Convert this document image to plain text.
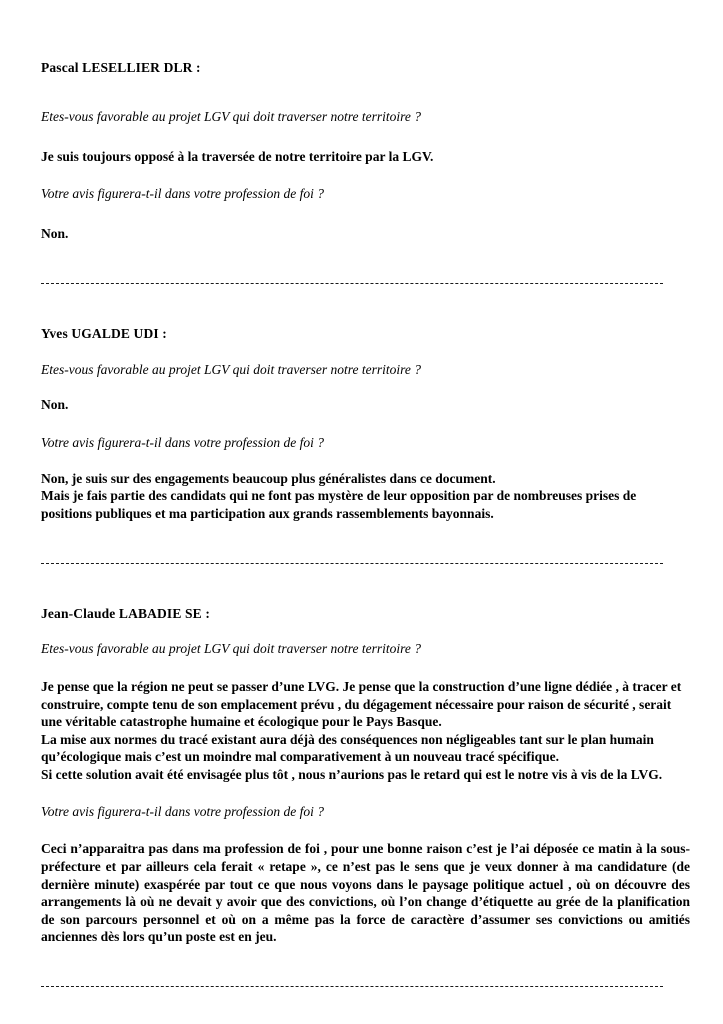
Pascal LESELLIER DLR :

Etes-vous favorable au projet LGV qui doit traverser notre territoire ?

Je suis toujours opposé à la traversée de notre territoire par la LGV.

Votre avis figurera-t-il dans votre profession de foi ?

Non.

Yves UGALDE UDI :

Etes-vous favorable au projet LGV qui doit traverser notre territoire ?

Non.

Votre avis figurera-t-il dans votre profession de foi ?

Non, je suis sur des engagements beaucoup plus généralistes dans ce document.
Mais je fais partie des candidats qui ne font pas mystère de leur opposition par de nombreuses prises de positions publiques et ma participation aux grands rassemblements bayonnais.

Jean-Claude LABADIE SE :

Etes-vous favorable au projet LGV qui doit traverser notre territoire ?

Je pense que la région ne peut se passer d’une LVG. Je pense que la construction d’une ligne dédiée , à tracer et construire, compte tenu de son emplacement prévu , du dégagement nécessaire pour raison de sécurité , serait une véritable catastrophe humaine et écologique pour le Pays Basque.
La mise aux normes du tracé existant aura déjà des conséquences non négligeables tant sur le plan humain qu’écologique mais c’est un moindre mal comparativement à un nouveau tracé spécifique.
Si cette solution avait été envisagée plus tôt , nous n’aurions pas le retard qui est le notre vis à vis de la LVG.

Votre avis figurera-t-il dans votre profession de foi ?

Ceci n’apparaitra pas dans ma profession de foi , pour une bonne raison c’est je l’ai déposée ce matin à la sous-préfecture et par ailleurs cela ferait « retape », ce n’est pas le sens que je veux donner à ma candidature (de dernière minute) exaspérée par tout ce que nous voyons dans le paysage politique actuel , où on découvre des arrangements là où ne devait y avoir que des convictions, où l’on change d’étiquette au grée de la planification de son parcours personnel et où on a même pas la force de caractère d’assumer ses convictions ou amitiés anciennes dès lors qu’un poste est en jeu.
